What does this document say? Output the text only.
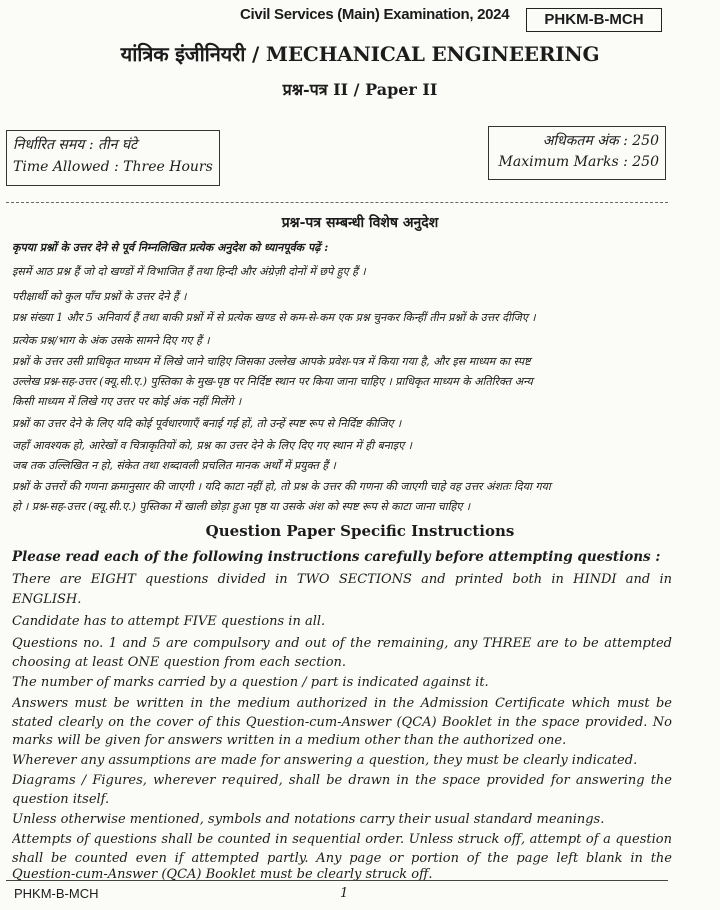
Civil Services (Main) Examination, 2024	PHKM-B-MCH
यांत्रिक इंजीनियरी / MECHANICAL ENGINEERING
प्रश्न-पत्र II / Paper II
निर्धारित समय : तीन घंटे
Time Allowed : Three Hours
अधिकतम अंक : 250
Maximum Marks : 250
प्रश्न-पत्र सम्बन्धी विशेष अनुदेश
कृपया प्रश्नों के उत्तर देने से पूर्व निम्नलिखित प्रत्येक अनुदेश को ध्यानपूर्वक पढ़ें :
इसमें आठ प्रश्न हैं जो दो खण्डों में विभाजित हैं तथा हिन्दी और अंग्रेज़ी दोनों में छपे हुए हैं ।
परीक्षार्थी को कुल पाँच प्रश्नों के उत्तर देने हैं ।
प्रश्न संख्या 1 और 5 अनिवार्य हैं तथा बाकी प्रश्नों में से प्रत्येक खण्ड से कम-से-कम एक प्रश्न चुनकर किन्हीं तीन प्रश्नों के उत्तर दीजिए ।
प्रत्येक प्रश्न/भाग के अंक उसके सामने दिए गए हैं ।
प्रश्नों के उत्तर उसी प्राधिकृत माध्यम में लिखे जाने चाहिए जिसका उल्लेख आपके प्रवेश-पत्र में किया गया है, और इस माध्यम का स्पष्ट
उल्लेख प्रश्न-सह-उत्तर (क्यू.सी.ए.) पुस्तिका के मुख-पृष्ठ पर निर्दिष्ट स्थान पर किया जाना चाहिए । प्राधिकृत माध्यम के अतिरिक्त अन्य
किसी माध्यम में लिखे गए उत्तर पर कोई अंक नहीं मिलेंगे ।
प्रश्नों का उत्तर देने के लिए यदि कोई पूर्वधारणाएँ बनाई गई हों, तो उन्हें स्पष्ट रूप से निर्दिष्ट कीजिए ।
जहाँ आवश्यक हो, आरेखों व चित्राकृतियों को, प्रश्न का उत्तर देने के लिए दिए गए स्थान में ही बनाइए ।
जब तक उल्लिखित न हो, संकेत तथा शब्दावली प्रचलित मानक अर्थों में प्रयुक्त हैं ।
प्रश्नों के उत्तरों की गणना क्रमानुसार की जाएगी । यदि काटा नहीं हो, तो प्रश्न के उत्तर की गणना की जाएगी चाहे वह उत्तर अंशतः दिया गया
हो । प्रश्न-सह-उत्तर (क्यू.सी.ए.) पुस्तिका में खाली छोड़ा हुआ पृष्ठ या उसके अंश को स्पष्ट रूप से काटा जाना चाहिए ।
Question Paper Specific Instructions
Please read each of the following instructions carefully before attempting questions :
There are EIGHT questions divided in TWO SECTIONS and printed both in HINDI and in
ENGLISH.
Candidate has to attempt FIVE questions in all.
Questions no. 1 and 5 are compulsory and out of the remaining, any THREE are to be attempted
choosing at least ONE question from each section.
The number of marks carried by a question / part is indicated against it.
Answers must be written in the medium authorized in the Admission Certificate which must be
stated clearly on the cover of this Question-cum-Answer (QCA) Booklet in the space provided. No
marks will be given for answers written in a medium other than the authorized one.
Wherever any assumptions are made for answering a question, they must be clearly indicated.
Diagrams / Figures, wherever required, shall be drawn in the space provided for answering the
question itself.
Unless otherwise mentioned, symbols and notations carry their usual standard meanings.
Attempts of questions shall be counted in sequential order. Unless struck off, attempt of a question
shall be counted even if attempted partly. Any page or portion of the page left blank in the
Question-cum-Answer (QCA) Booklet must be clearly struck off.
PHKM-B-MCH	1
